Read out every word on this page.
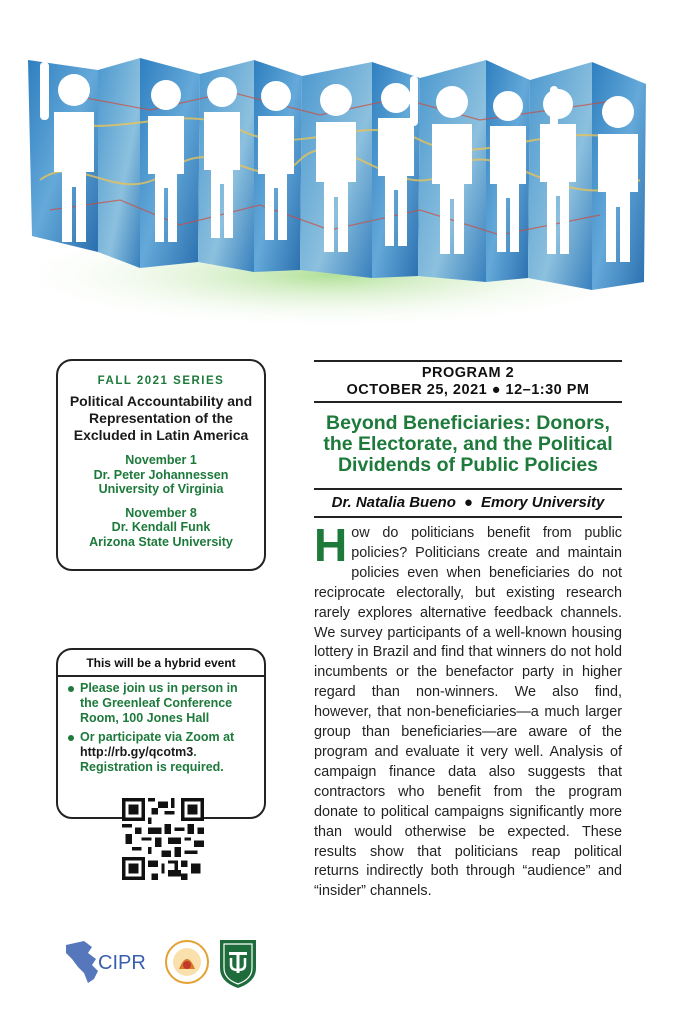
FALL 2021 SERIES
Political Accountability and Representation of the Excluded in Latin America
November 1
Dr. Peter Johannessen
University of Virginia
November 8
Dr. Kendall Funk
Arizona State University
This will be a hybrid event
Please join us in person in the Greenleaf Conference Room, 100 Jones Hall
Or participate via Zoom at http://rb.gy/qcotm3. Registration is required.
CIPR
PROGRAM 2
OCTOBER 25, 2021 ● 12–1:30 PM
Beyond Beneficiaries: Donors, the Electorate, and the Political Dividends of Public Policies
Dr. Natalia Bueno ● Emory University
How do politicians benefit from public policies? Politicians create and maintain policies even when beneficiaries do not reciprocate electorally, but existing research rarely explores alternative feedback channels. We survey participants of a well-known housing lottery in Brazil and find that winners do not hold incumbents or the benefactor party in higher regard than non-winners. We also find, however, that non-beneficiaries—a much larger group than beneficiaries—are aware of the program and evaluate it very well. Analysis of campaign finance data also suggests that contractors who benefit from the program donate to political campaigns significantly more than would otherwise be expected. These results show that politicians reap political returns indirectly both through “audience” and “insider” channels.
